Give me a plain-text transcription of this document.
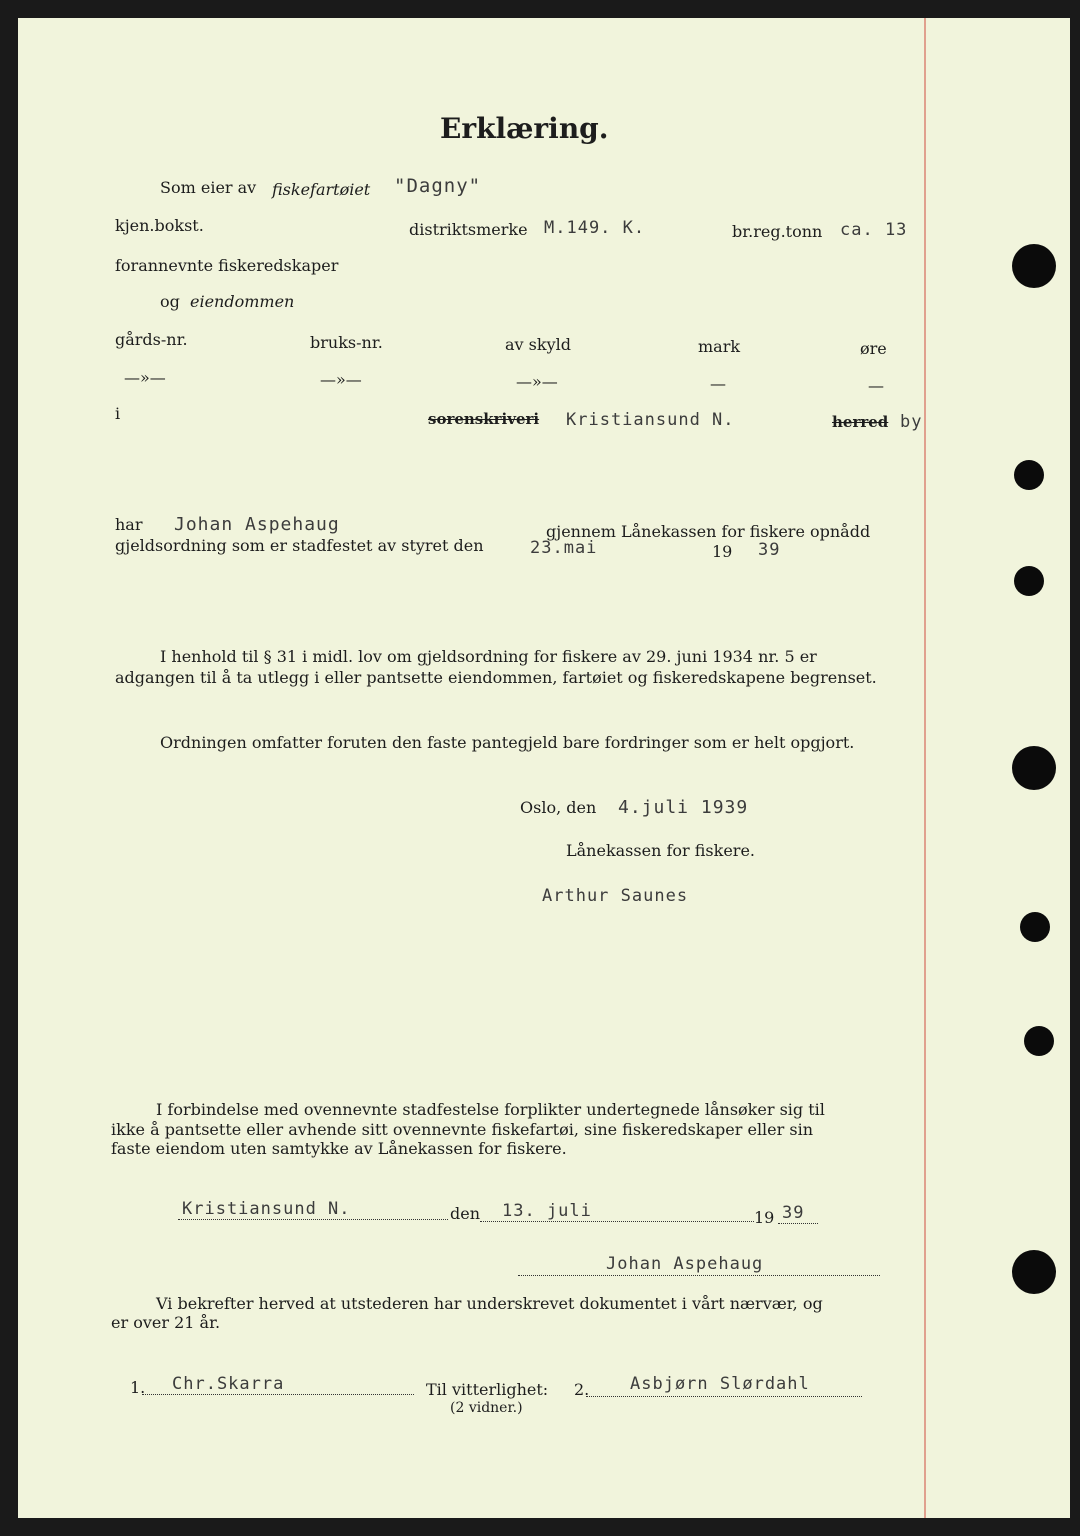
Erklæring.
Som eier av fiskefartøiet "Dagny"
kjen.bokst.	distriktsmerke M.149. K.	br.reg.tonn ca. 13
forannevnte fiskeredskaper
og eiendommen
gårds-nr.	bruks-nr.	av skyld	mark	øre
—»—	—»—	—»—	—	—
i	sorenskriveri Kristiansund N.	herred by
har Johan Aspehaug	gjennem Lånekassen for fiskere opnådd
gjeldsordning som er stadfestet av styret den	23.mai	19 39
I henhold til § 31 i midl. lov om gjeldsordning for fiskere av 29. juni 1934 nr. 5 er
adgangen til å ta utlegg i eller pantsette eiendommen, fartøiet og fiskeredskapene begrenset.
Ordningen omfatter foruten den faste pantegjeld bare fordringer som er helt opgjort.
Oslo, den 4.juli 1939
Lånekassen for fiskere.
Arthur Saunes
I forbindelse med ovennevnte stadfestelse forplikter undertegnede lånsøker sig til
ikke å pantsette eller avhende sitt ovennevnte fiskefartøi, sine fiskeredskaper eller sin
faste eiendom uten samtykke av Lånekassen for fiskere.
Kristiansund N.	den 13. juli	19 39
Johan Aspehaug
Vi bekrefter herved at utstederen har underskrevet dokumentet i vårt nærvær, og
er over 21 år.
1. Chr.Skarra	Til vitterlighet:
(2 vidner.)
2. Asbjørn Slørdahl
